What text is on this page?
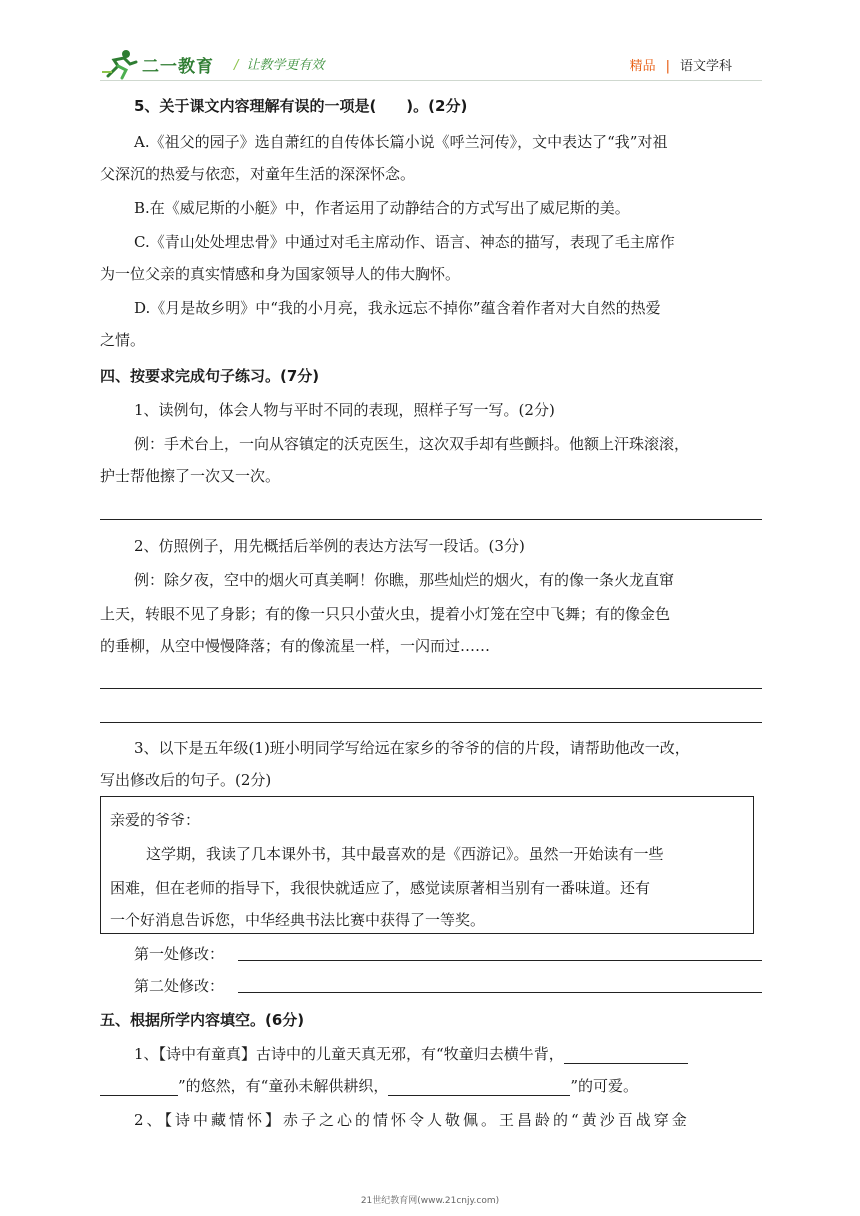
二一教育 / 让教学更有效	精品 | 语文学科
5、关于课文内容理解有误的一项是(　　)。(2分)
A.《祖父的园子》选自萧红的自传体长篇小说《呼兰河传》，文中表达了“我”对祖
父深沉的热爱与依恋，对童年生活的深深怀念。
B.在《威尼斯的小艇》中，作者运用了动静结合的方式写出了威尼斯的美。
C.《青山处处埋忠骨》中通过对毛主席动作、语言、神态的描写，表现了毛主席作
为一位父亲的真实情感和身为国家领导人的伟大胸怀。
D.《月是故乡明》中“我的小月亮，我永远忘不掉你”蕴含着作者对大自然的热爱
之情。
四、按要求完成句子练习。(7分)
1、读例句，体会人物与平时不同的表现，照样子写一写。(2分)
例：手术台上，一向从容镇定的沃克医生，这次双手却有些颤抖。他额上汗珠滚滚，
护士帮他擦了一次又一次。
2、仿照例子，用先概括后举例的表达方法写一段话。(3分)
例：除夕夜，空中的烟火可真美啊！你瞧，那些灿烂的烟火，有的像一条火龙直窜
上天，转眼不见了身影；有的像一只只小萤火虫，提着小灯笼在空中飞舞；有的像金色
的垂柳，从空中慢慢降落；有的像流星一样，一闪而过……
3、以下是五年级(1)班小明同学写给远在家乡的爷爷的信的片段，请帮助他改一改，
写出修改后的句子。(2分)
亲爱的爷爷：
这学期，我读了几本课外书，其中最喜欢的是《西游记》。虽然一开始读有一些
困难，但在老师的指导下，我很快就适应了，感觉读原著相当别有一番味道。还有
一个好消息告诉您，中华经典书法比赛中获得了一等奖。
第一处修改：
第二处修改：
五、根据所学内容填空。(6分)
1、【诗中有童真】古诗中的儿童天真无邪，有“牧童归去横牛背，
”的悠然，有“童孙未解供耕织，	”的可爱。
2、【诗中藏情怀】赤子之心的情怀令人敬佩。王昌龄的“黄沙百战穿金
21世纪教育网(www.21cnjy.com)
